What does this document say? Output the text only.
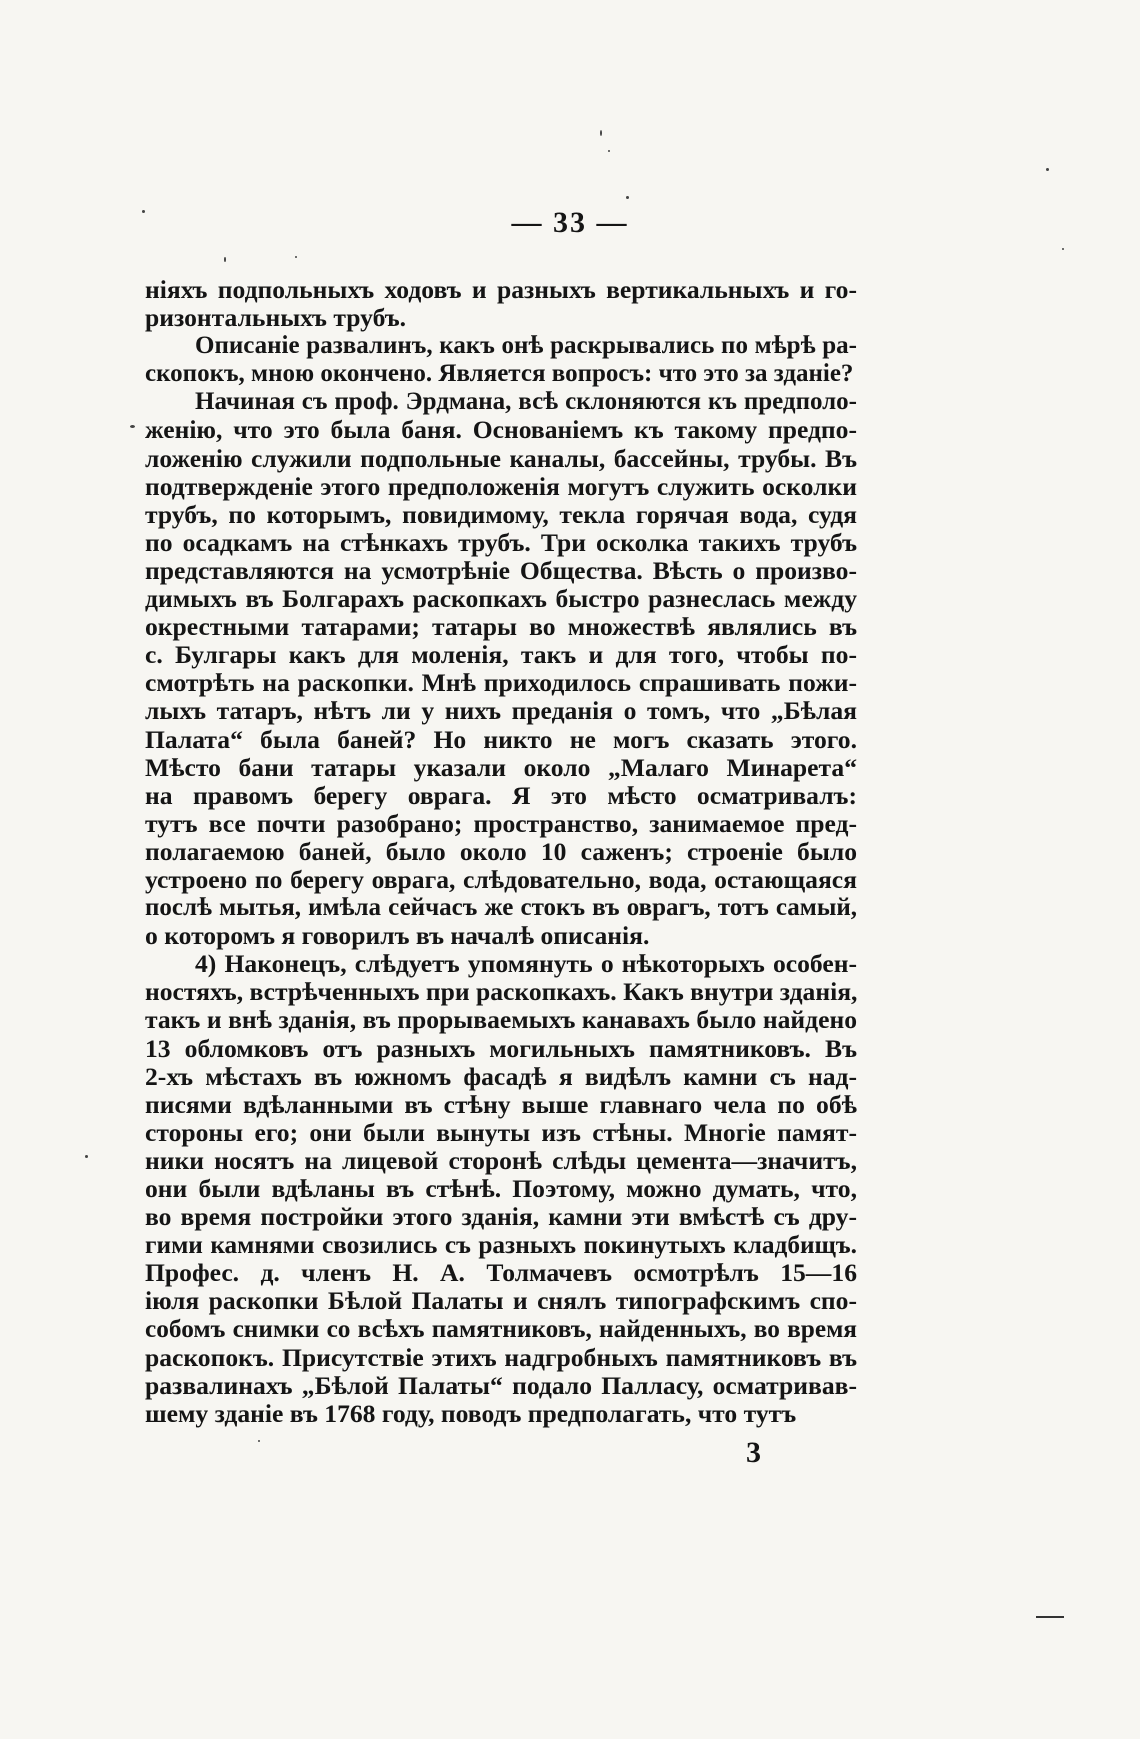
— 33 —
ніяхъ подпольныхъ ходовъ и разныхъ вертикальныхъ и го-
ризонтальныхъ трубъ.
Описаніе развалинъ, какъ онѣ раскрывались по мѣрѣ ра-
скопокъ, мною окончено. Является вопросъ: что это за зданіе?
Начиная съ проф. Эрдмана, всѣ склоняются къ предполо-
женію, что это была баня. Основаніемъ къ такому предпо-
ложенію служили подпольные каналы, бассейны, трубы. Въ
подтвержденіе этого предположенія могутъ служить осколки
трубъ, по которымъ, повидимому, текла горячая вода, судя
по осадкамъ на стѣнкахъ трубъ. Три осколка такихъ трубъ
представляются на усмотрѣніе Общества. Вѣсть о произво-
димыхъ въ Болгарахъ раскопкахъ быстро разнеслась между
окрестными татарами; татары во множествѣ являлись въ
с. Булгары какъ для моленія, такъ и для того, чтобы по-
смотрѣть на раскопки. Мнѣ приходилось спрашивать пожи-
лыхъ татаръ, нѣтъ ли у нихъ преданія о томъ, что „Бѣлая
Палата“ была баней? Но никто не могъ сказать этого.
Мѣсто бани татары указали около „Малаго Минарета“
на правомъ берегу оврага. Я это мѣсто осматривалъ:
тутъ все почти разобрано; пространство, занимаемое пред-
полагаемою баней, было около 10 саженъ; строеніе было
устроено по берегу оврага, слѣдовательно, вода, остающаяся
послѣ мытья, имѣла сейчасъ же стокъ въ оврагъ, тотъ самый,
о которомъ я говорилъ въ началѣ описанія.
4) Наконецъ, слѣдуетъ упомянуть о нѣкоторыхъ особен-
ностяхъ, встрѣченныхъ при раскопкахъ. Какъ внутри зданія,
такъ и внѣ зданія, въ прорываемыхъ канавахъ было найдено
13 обломковъ отъ разныхъ могильныхъ памятниковъ. Въ
2-хъ мѣстахъ въ южномъ фасадѣ я видѣлъ камни съ над-
писями вдѣланными въ стѣну выше главнаго чела по обѣ
стороны его; они были вынуты изъ стѣны. Многіе памят-
ники носятъ на лицевой сторонѣ слѣды цемента—значитъ,
они были вдѣланы въ стѣнѣ. Поэтому, можно думать, что,
во время постройки этого зданія, камни эти вмѣстѣ съ дру-
гими камнями свозились съ разныхъ покинутыхъ кладбищъ.
Профес. д. членъ Н. А. Толмачевъ осмотрѣлъ 15—16
іюля раскопки Бѣлой Палаты и снялъ типографскимъ спо-
собомъ снимки со всѣхъ памятниковъ, найденныхъ, во время
раскопокъ. Присутствіе этихъ надгробныхъ памятниковъ въ
развалинахъ „Бѣлой Палаты“ подало Палласу, осматривав-
шему зданіе въ 1768 году, поводъ предполагать, что тутъ
3
